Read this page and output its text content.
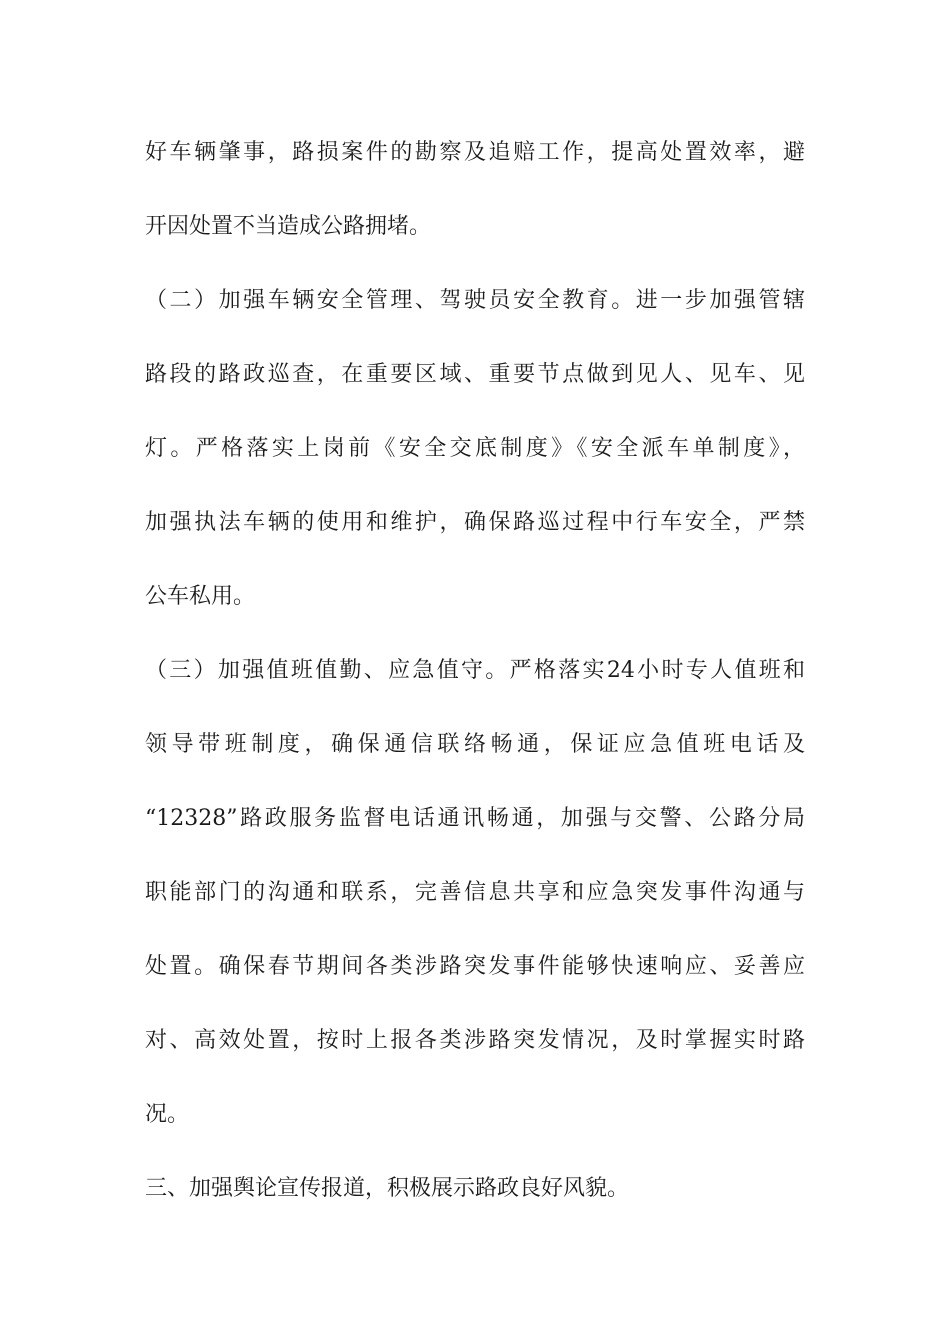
好车辆肇事，路损案件的勘察及追赔工作，提高处置效率，避
开因处置不当造成公路拥堵。
（二）加强车辆安全管理、驾驶员安全教育。进一步加强管辖
路段的路政巡查，在重要区域、重要节点做到见人、见车、见
灯。严格落实上岗前《安全交底制度》《安全派车单制度》，
加强执法车辆的使用和维护，确保路巡过程中行车安全，严禁
公车私用。
（三）加强值班值勤、应急值守。严格落实24小时专人值班和
领导带班制度，确保通信联络畅通，保证应急值班电话及
“12328”路政服务监督电话通讯畅通，加强与交警、公路分局
职能部门的沟通和联系，完善信息共享和应急突发事件沟通与
处置。确保春节期间各类涉路突发事件能够快速响应、妥善应
对、高效处置，按时上报各类涉路突发情况，及时掌握实时路
况。
三、加强舆论宣传报道，积极展示路政良好风貌。
